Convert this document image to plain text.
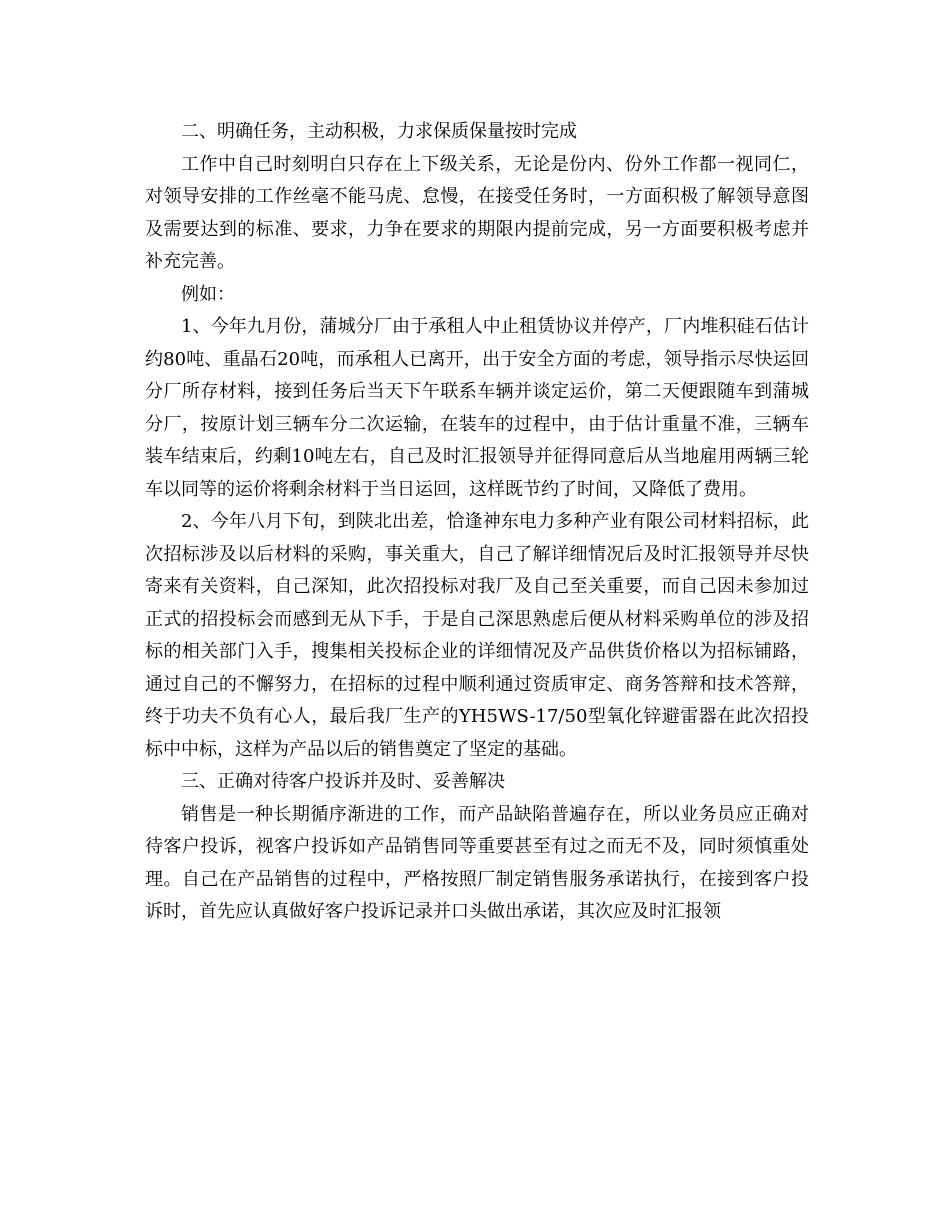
二、明确任务，主动积极，力求保质保量按时完成

工作中自己时刻明白只存在上下级关系，无论是份内、份外工作都一视同仁，对领导安排的工作丝毫不能马虎、怠慢，在接受任务时，一方面积极了解领导意图及需要达到的标准、要求，力争在要求的期限内提前完成，另一方面要积极考虑并补充完善。

例如：

1、今年九月份，蒲城分厂由于承租人中止租赁协议并停产，厂内堆积硅石估计约80吨、重晶石20吨，而承租人已离开，出于安全方面的考虑，领导指示尽快运回分厂所存材料，接到任务后当天下午联系车辆并谈定运价，第二天便跟随车到蒲城分厂，按原计划三辆车分二次运输，在装车的过程中，由于估计重量不准，三辆车装车结束后，约剩10吨左右，自己及时汇报领导并征得同意后从当地雇用两辆三轮车以同等的运价将剩余材料于当日运回，这样既节约了时间，又降低了费用。

2、今年八月下旬，到陕北出差，恰逢神东电力多种产业有限公司材料招标，此次招标涉及以后材料的采购，事关重大，自己了解详细情况后及时汇报领导并尽快寄来有关资料，自己深知，此次招投标对我厂及自己至关重要，而自己因未参加过正式的招投标会而感到无从下手，于是自己深思熟虑后便从材料采购单位的涉及招标的相关部门入手，搜集相关投标企业的详细情况及产品供货价格以为招标铺路，通过自己的不懈努力，在招标的过程中顺利通过资质审定、商务答辩和技术答辩，终于功夫不负有心人，最后我厂生产的YH5WS-17/50型氧化锌避雷器在此次招投标中中标，这样为产品以后的销售奠定了坚定的基础。

三、正确对待客户投诉并及时、妥善解决

销售是一种长期循序渐进的工作，而产品缺陷普遍存在，所以业务员应正确对待客户投诉，视客户投诉如产品销售同等重要甚至有过之而无不及，同时须慎重处理。自己在产品销售的过程中，严格按照厂制定销售服务承诺执行，在接到客户投诉时，首先应认真做好客户投诉记录并口头做出承诺，其次应及时汇报领
